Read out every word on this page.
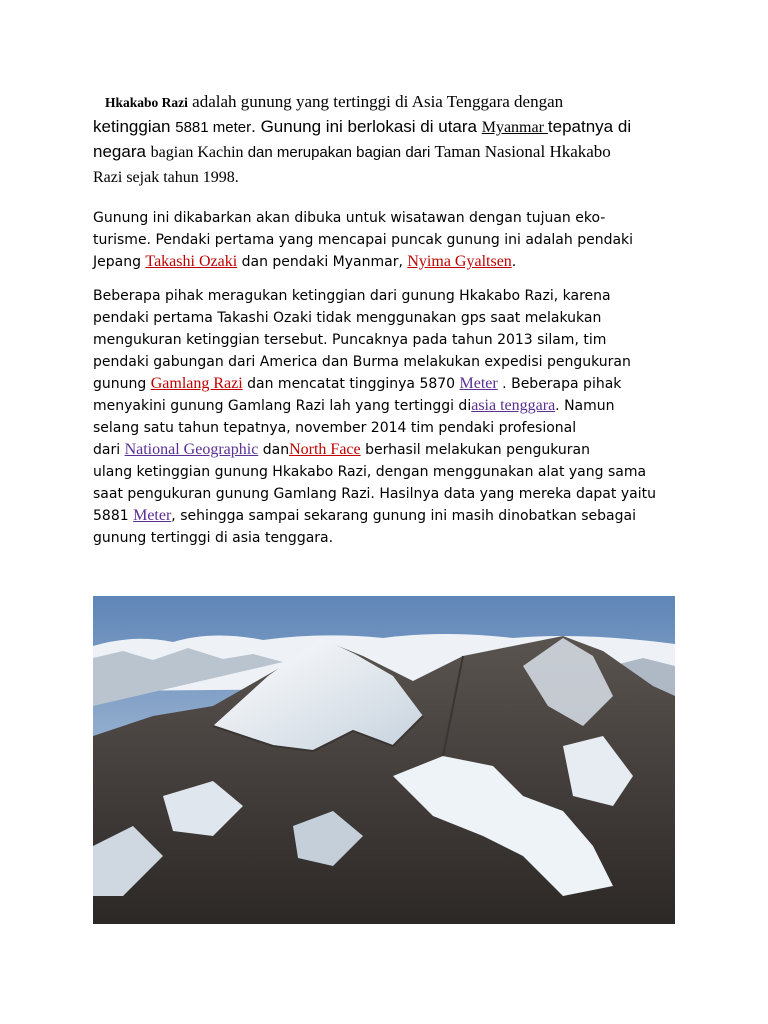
Hkakabo Razi adalah gunung yang tertinggi di Asia Tenggara dengan
ketinggian 5881 meter. Gunung ini berlokasi di utara Myanmar tepatnya di
negara bagian Kachin dan merupakan bagian dari Taman Nasional Hkakabo
Razi sejak tahun 1998.
Gunung ini dikabarkan akan dibuka untuk wisatawan dengan tujuan eko-
turisme. Pendaki pertama yang mencapai puncak gunung ini adalah pendaki
Jepang Takashi Ozaki dan pendaki Myanmar, Nyima Gyaltsen.
Beberapa pihak meragukan ketinggian dari gunung Hkakabo Razi, karena
pendaki pertama Takashi Ozaki tidak menggunakan gps saat melakukan
mengukuran ketinggian tersebut. Puncaknya pada tahun 2013 silam, tim
pendaki gabungan dari America dan Burma melakukan expedisi pengukuran
gunung Gamlang Razi dan mencatat tingginya 5870 Meter . Beberapa pihak
menyakini gunung Gamlang Razi lah yang tertinggi diasia tenggara. Namun
selang satu tahun tepatnya, november 2014 tim pendaki profesional
dari National Geographic danNorth Face berhasil melakukan pengukuran
ulang ketinggian gunung Hkakabo Razi, dengan menggunakan alat yang sama
saat pengukuran gunung Gamlang Razi. Hasilnya data yang mereka dapat yaitu
5881 Meter, sehingga sampai sekarang gunung ini masih dinobatkan sebagai
gunung tertinggi di asia tenggara.
